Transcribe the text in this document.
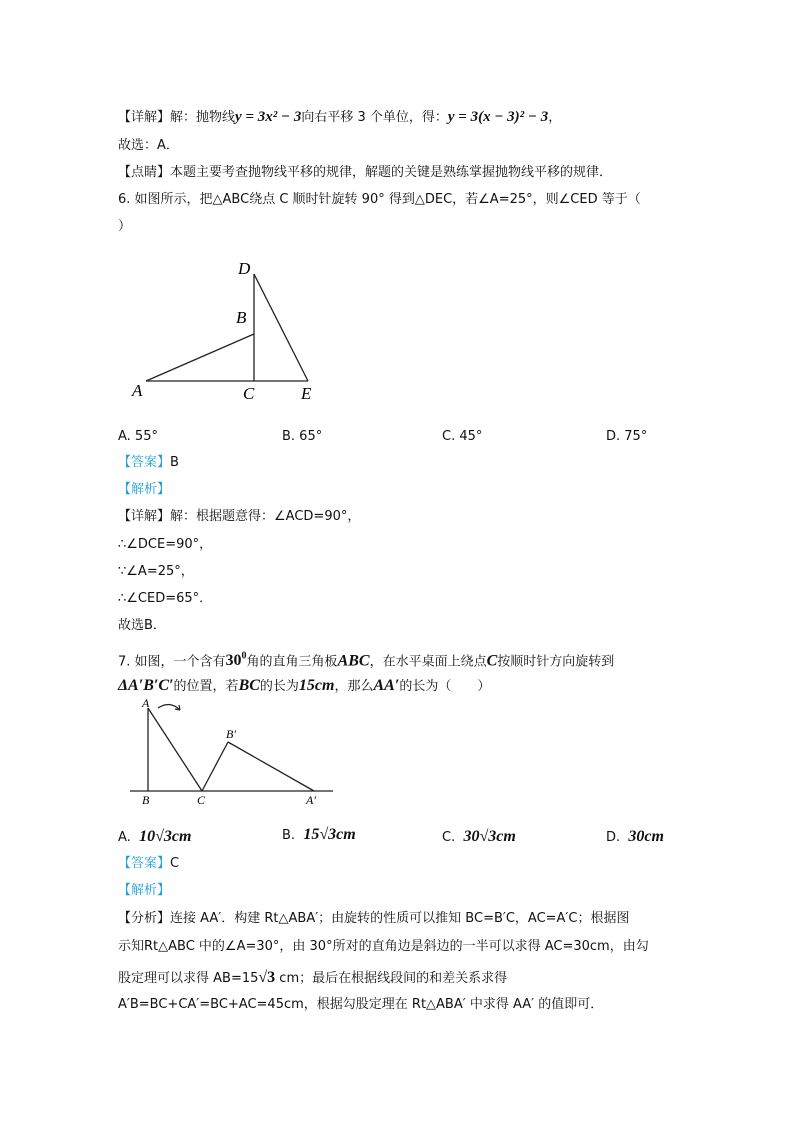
【详解】解：抛物线y = 3x² − 3向右平移 3 个单位，得：y = 3(x − 3)² − 3，
故选：A．
【点睛】本题主要考查抛物线平移的规律，解题的关键是熟练掌握抛物线平移的规律．
6. 如图所示，把△ABC绕点 C 顺时针旋转 90° 得到△DEC，若∠A=25°，则∠CED 等于（
）
D
B
A	C	E
A. 55°	B. 65°	C. 45°	D. 75°
【答案】B
【解析】
【详解】解：根据题意得：∠ACD=90°，
∴∠DCE=90°，
∵∠A=25°，
∴∠CED=65°．
故选B．
7. 如图，一个含有$30^0$角的直角三角板ABC，在水平桌面上绕点C按顺时针方向旋转到
ΔA′B′C′的位置，若BC的长为15cm，那么AA′的长为（　　）
A
B	C
B′
A′
A. 10√3cm	B. 15√3cm	C. 30√3cm	D. 30cm
【答案】C
【解析】
【分析】连接 AA′．构建 Rt△ABA′；由旋转的性质可以推知 BC=B′C，AC=A′C；根据图
示知Rt△ABC 中的∠A=30°，由 30°所对的直角边是斜边的一半可以求得 AC=30cm，由勾
股定理可以求得 AB=15√3 cm；最后在根据线段间的和差关系求得
A′B=BC+CA′=BC+AC=45cm，根据勾股定理在 Rt△ABA′ 中求得 AA′ 的值即可．
